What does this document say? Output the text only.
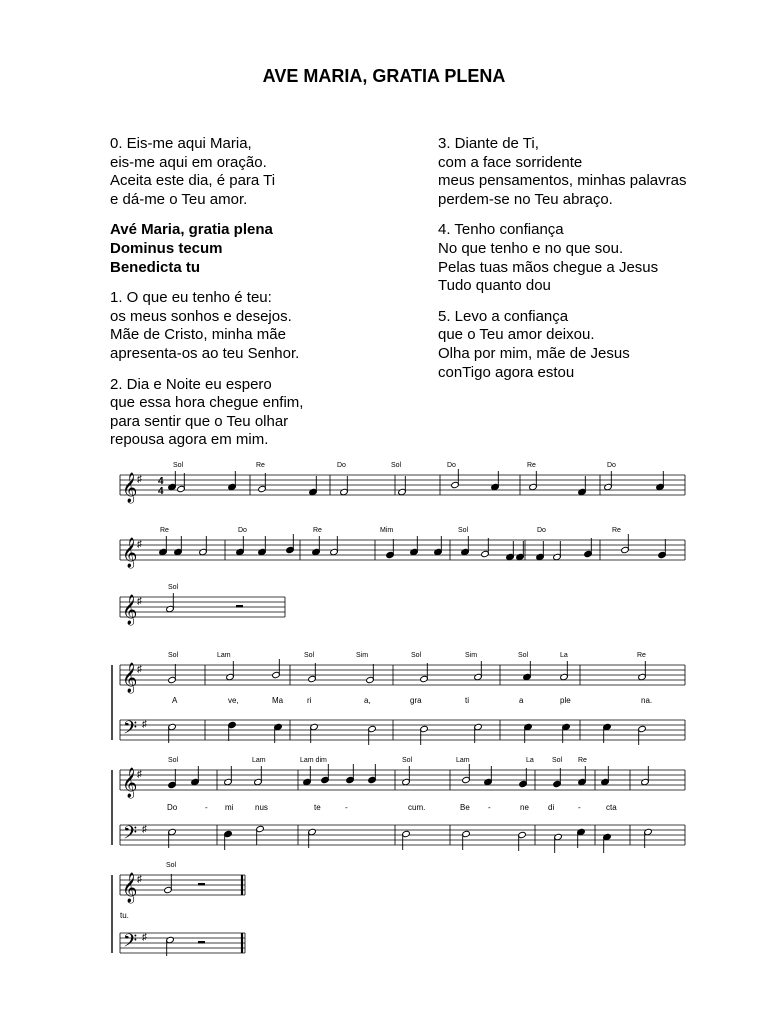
AVE MARIA, GRATIA PLENA
0. Eis-me aqui Maria,
eis-me aqui em oração.
Aceita este dia, é para Ti
e dá-me o Teu amor.
Avé Maria, gratia plena
Dominus tecum
Benedicta tu
1. O que eu tenho é teu:
os meus sonhos e desejos.
Mãe de Cristo, minha mãe
apresenta-os ao teu Senhor.
2. Dia e Noite eu espero
que essa hora chegue enfim,
para sentir que o Teu olhar
repousa agora em mim.
3. Diante de Ti,
com a face sorridente
meus pensamentos, minhas palavras
perdem-se no Teu abraço.
4. Tenho confiança
No que tenho e no que sou.
Pelas tuas mãos chegue a Jesus
Tudo quanto dou
5. Levo a confiança
que o Teu amor deixou.
Olha por mim, mãe de Jesus
conTigo agora estou
𝄞 ♯ 4
4
Sol	Re	Do	Sol	Do	Re	Do
𝄞 ♯
Re	Do	Re	Mim	Sol	Do	Re
𝄞 ♯
Sol
𝄞 ♯
𝄢 ♯
Sol	Lam	Sol	Sim	Sol	Sim	Sol	La	Re
A	ve,	Ma	ri	a,	gra	ti	a	ple	na.
𝄞 ♯
𝄢 ♯
Sol	Lam	Lam dim	Sol	Lam	La	Sol Re
Do	- mi	nus	te	-	cum.	Be -	ne di	-	cta
𝄞 ♯
𝄢 ♯
Sol
tu.
